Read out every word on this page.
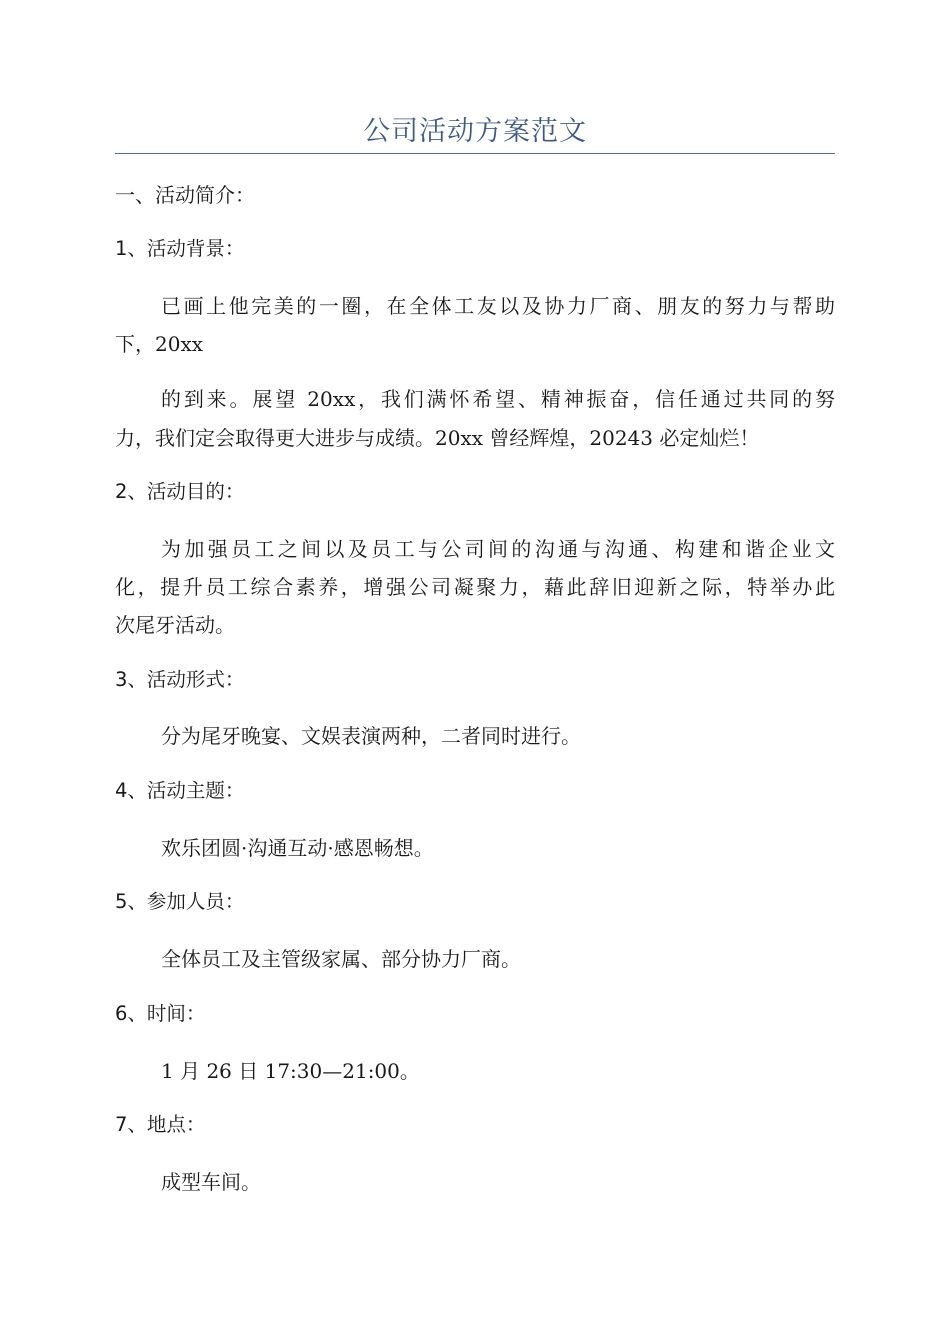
公司活动方案范文
一、活动简介：
1、活动背景：
已画上他完美的一圈，在全体工友以及协力厂商、朋友的努力与帮助
下，20xx
的到来。展望 20xx，我们满怀希望、精神振奋，信任通过共同的努
力，我们定会取得更大进步与成绩。20xx 曾经辉煌，20243 必定灿烂！
2、活动目的：
为加强员工之间以及员工与公司间的沟通与沟通、构建和谐企业文
化，提升员工综合素养，增强公司凝聚力，藉此辞旧迎新之际，特举办此
次尾牙活动。
3、活动形式：
分为尾牙晚宴、文娱表演两种，二者同时进行。
4、活动主题：
欢乐团圆·沟通互动·感恩畅想。
5、参加人员：
全体员工及主管级家属、部分协力厂商。
6、时间：
1 月 26 日 17:30—21:00。
7、地点：
成型车间。
